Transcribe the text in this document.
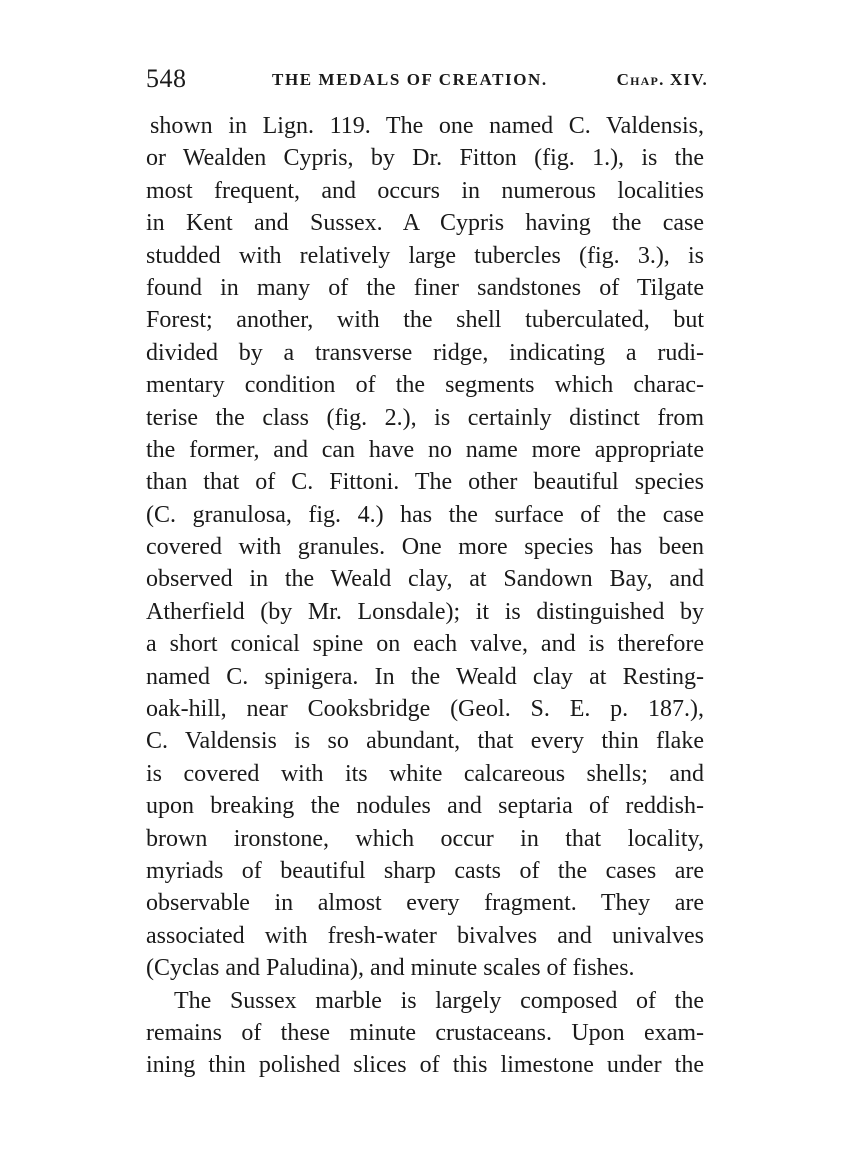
548	THE MEDALS OF CREATION.	Chap. XIV.
shown in Lign. 119. The one named C. Valdensis,
or Wealden Cypris, by Dr. Fitton (fig. 1.), is the
most frequent, and occurs in numerous localities
in Kent and Sussex. A Cypris having the case
studded with relatively large tubercles (fig. 3.), is
found in many of the finer sandstones of Tilgate
Forest; another, with the shell tuberculated, but
divided by a transverse ridge, indicating a rudi-
mentary condition of the segments which charac-
terise the class (fig. 2.), is certainly distinct from
the former, and can have no name more appropriate
than that of C. Fittoni. The other beautiful species
(C. granulosa, fig. 4.) has the surface of the case
covered with granules. One more species has been
observed in the Weald clay, at Sandown Bay, and
Atherfield (by Mr. Lonsdale); it is distinguished by
a short conical spine on each valve, and is therefore
named C. spinigera. In the Weald clay at Resting-
oak-hill, near Cooksbridge (Geol. S. E. p. 187.),
C. Valdensis is so abundant, that every thin flake
is covered with its white calcareous shells; and
upon breaking the nodules and septaria of reddish-
brown ironstone, which occur in that locality,
myriads of beautiful sharp casts of the cases are
observable in almost every fragment. They are
associated with fresh-water bivalves and univalves
(Cyclas and Paludina), and minute scales of fishes.
The Sussex marble is largely composed of the
remains of these minute crustaceans. Upon exam-
ining thin polished slices of this limestone under the
